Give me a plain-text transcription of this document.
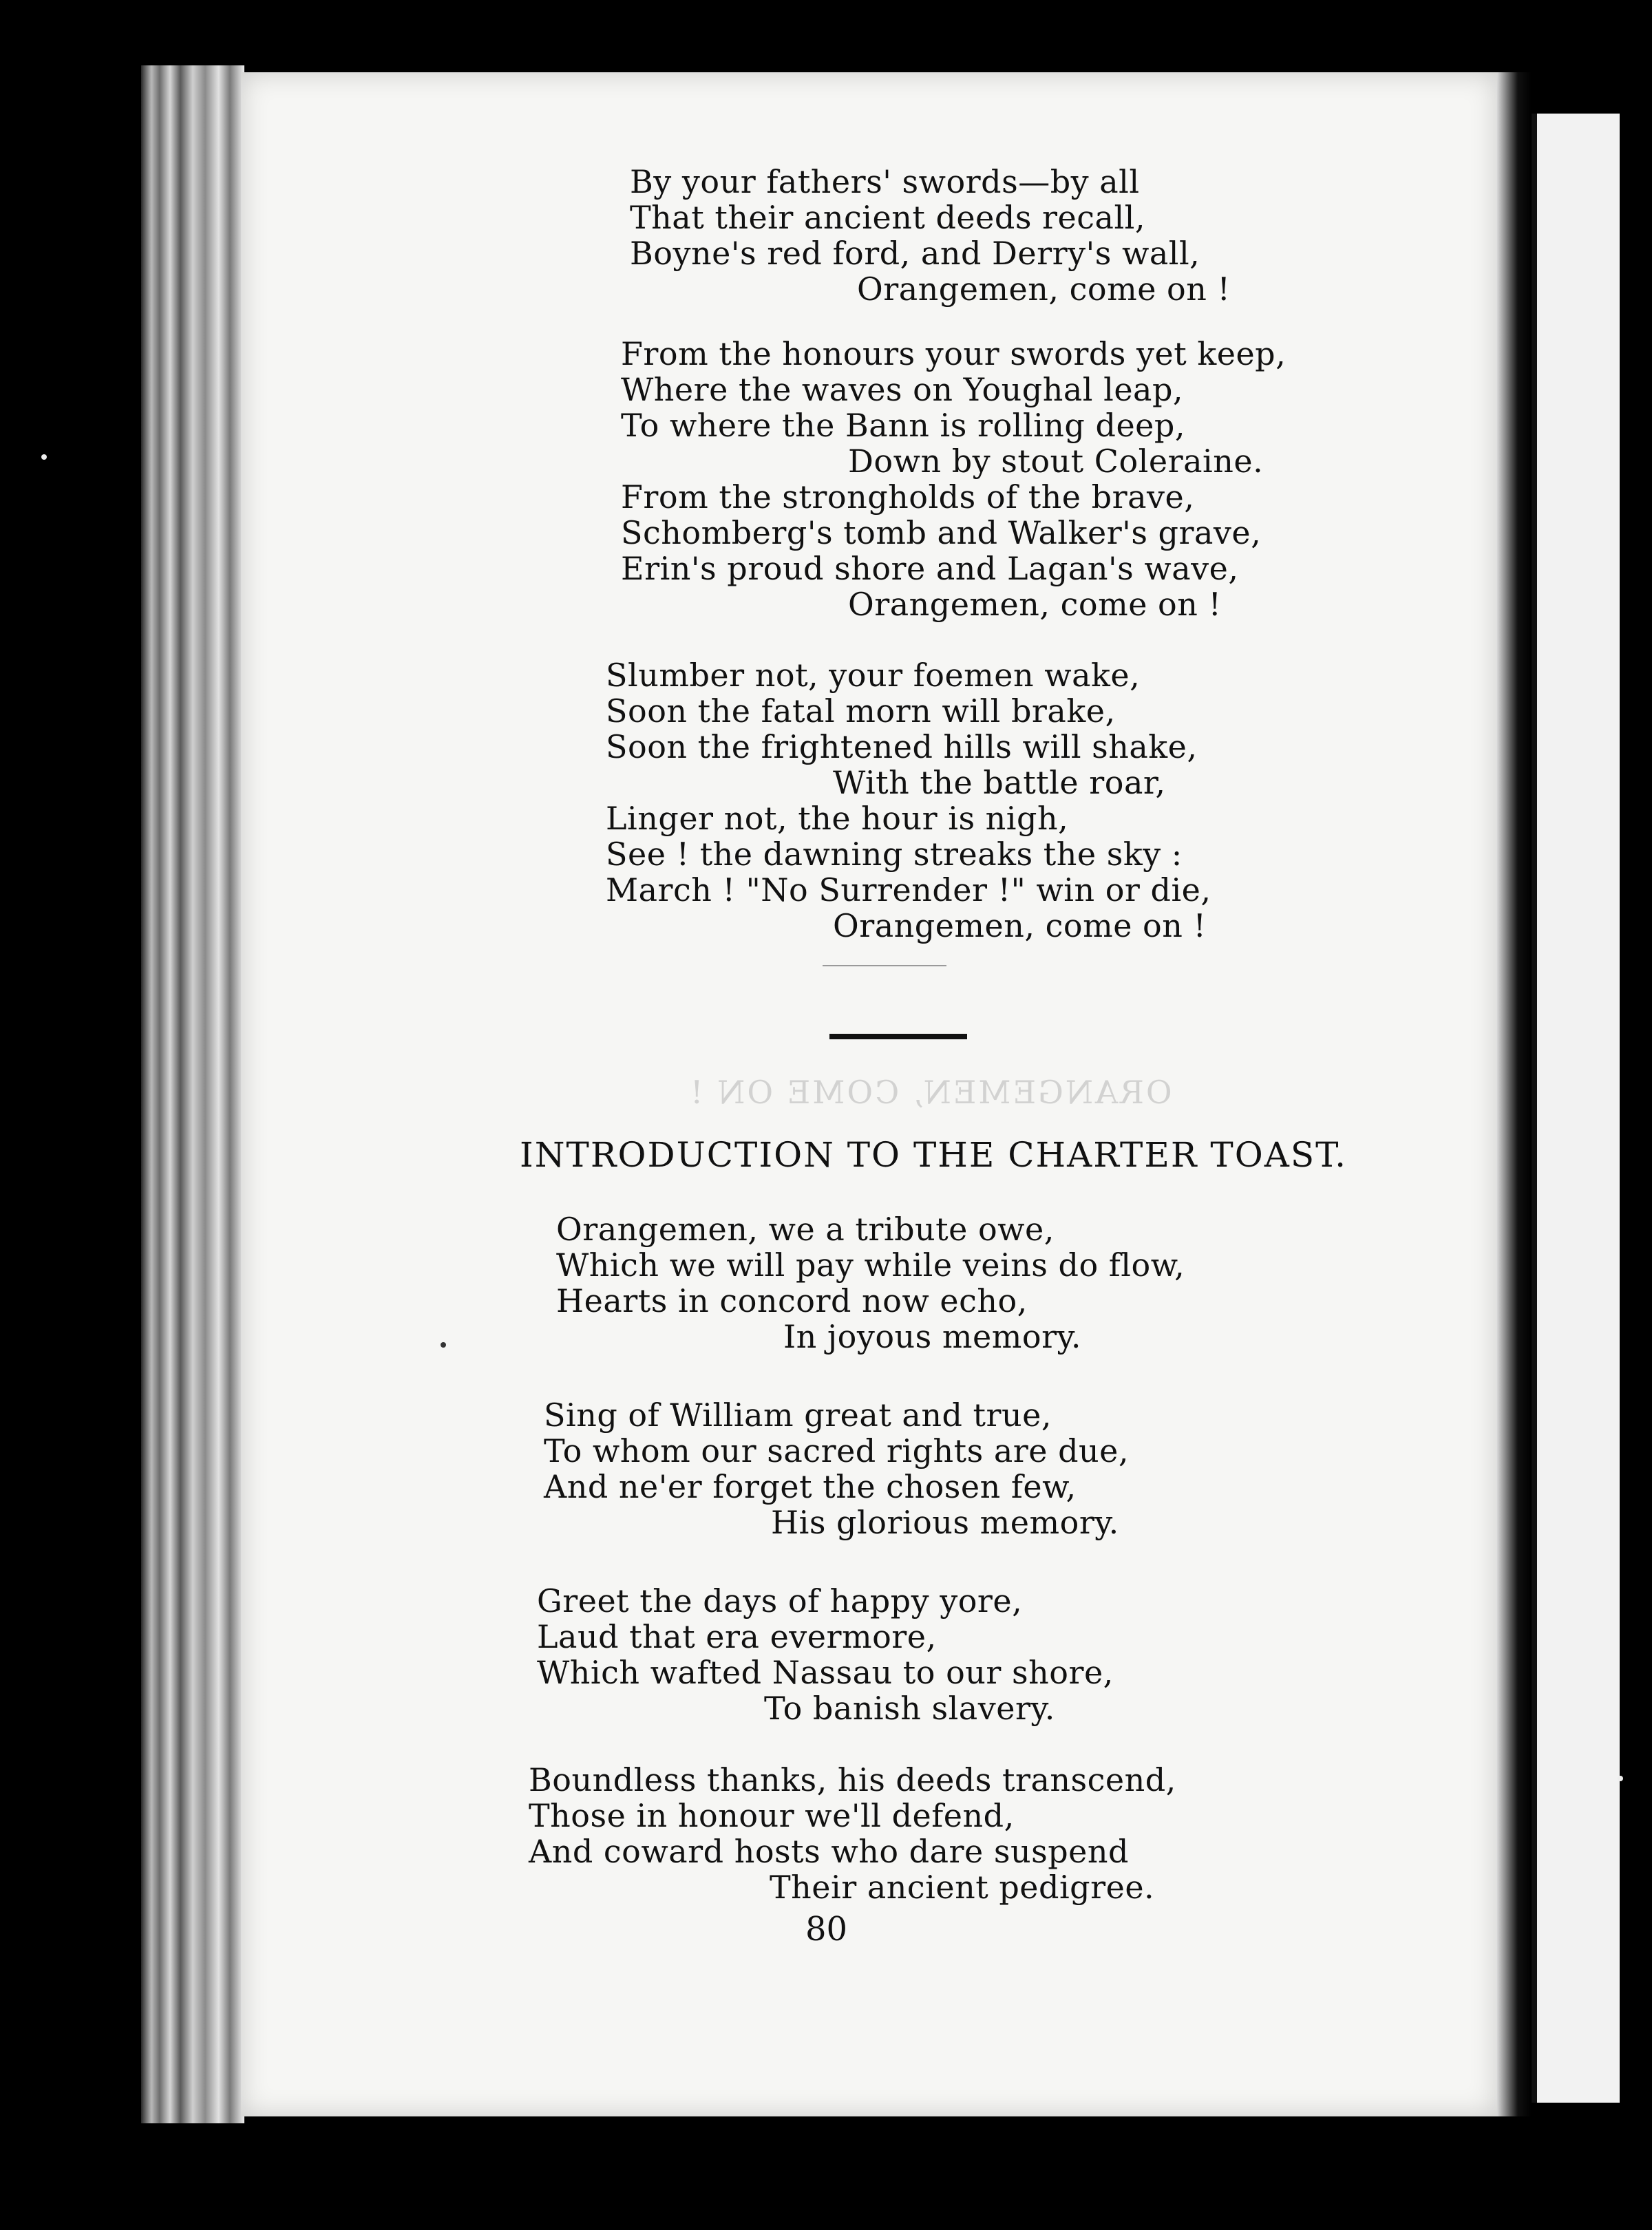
ORANGEMEN, COME ON !
By your fathers' swords—by all
That their ancient deeds recall,
Boyne's red ford, and Derry's wall,
Orangemen, come on !
From the honours your swords yet keep,
Where the waves on Youghal leap,
To where the Bann is rolling deep,
Down by stout Coleraine.
From the strongholds of the brave,
Schomberg's tomb and Walker's grave,
Erin's proud shore and Lagan's wave,
Orangemen, come on !
Slumber not, your foemen wake,
Soon the fatal morn will brake,
Soon the frightened hills will shake,
With the battle roar,
Linger not, the hour is nigh,
See ! the dawning streaks the sky :
March ! "No Surrender !" win or die,
Orangemen, come on !
INTRODUCTION TO THE CHARTER TOAST.
Orangemen, we a tribute owe,
Which we will pay while veins do flow,
Hearts in concord now echo,
In joyous memory.
Sing of William great and true,
To whom our sacred rights are due,
And ne'er forget the chosen few,
His glorious memory.
Greet the days of happy yore,
Laud that era evermore,
Which wafted Nassau to our shore,
To banish slavery.
Boundless thanks, his deeds transcend,
Those in honour we'll defend,
And coward hosts who dare suspend
Their ancient pedigree.
80
